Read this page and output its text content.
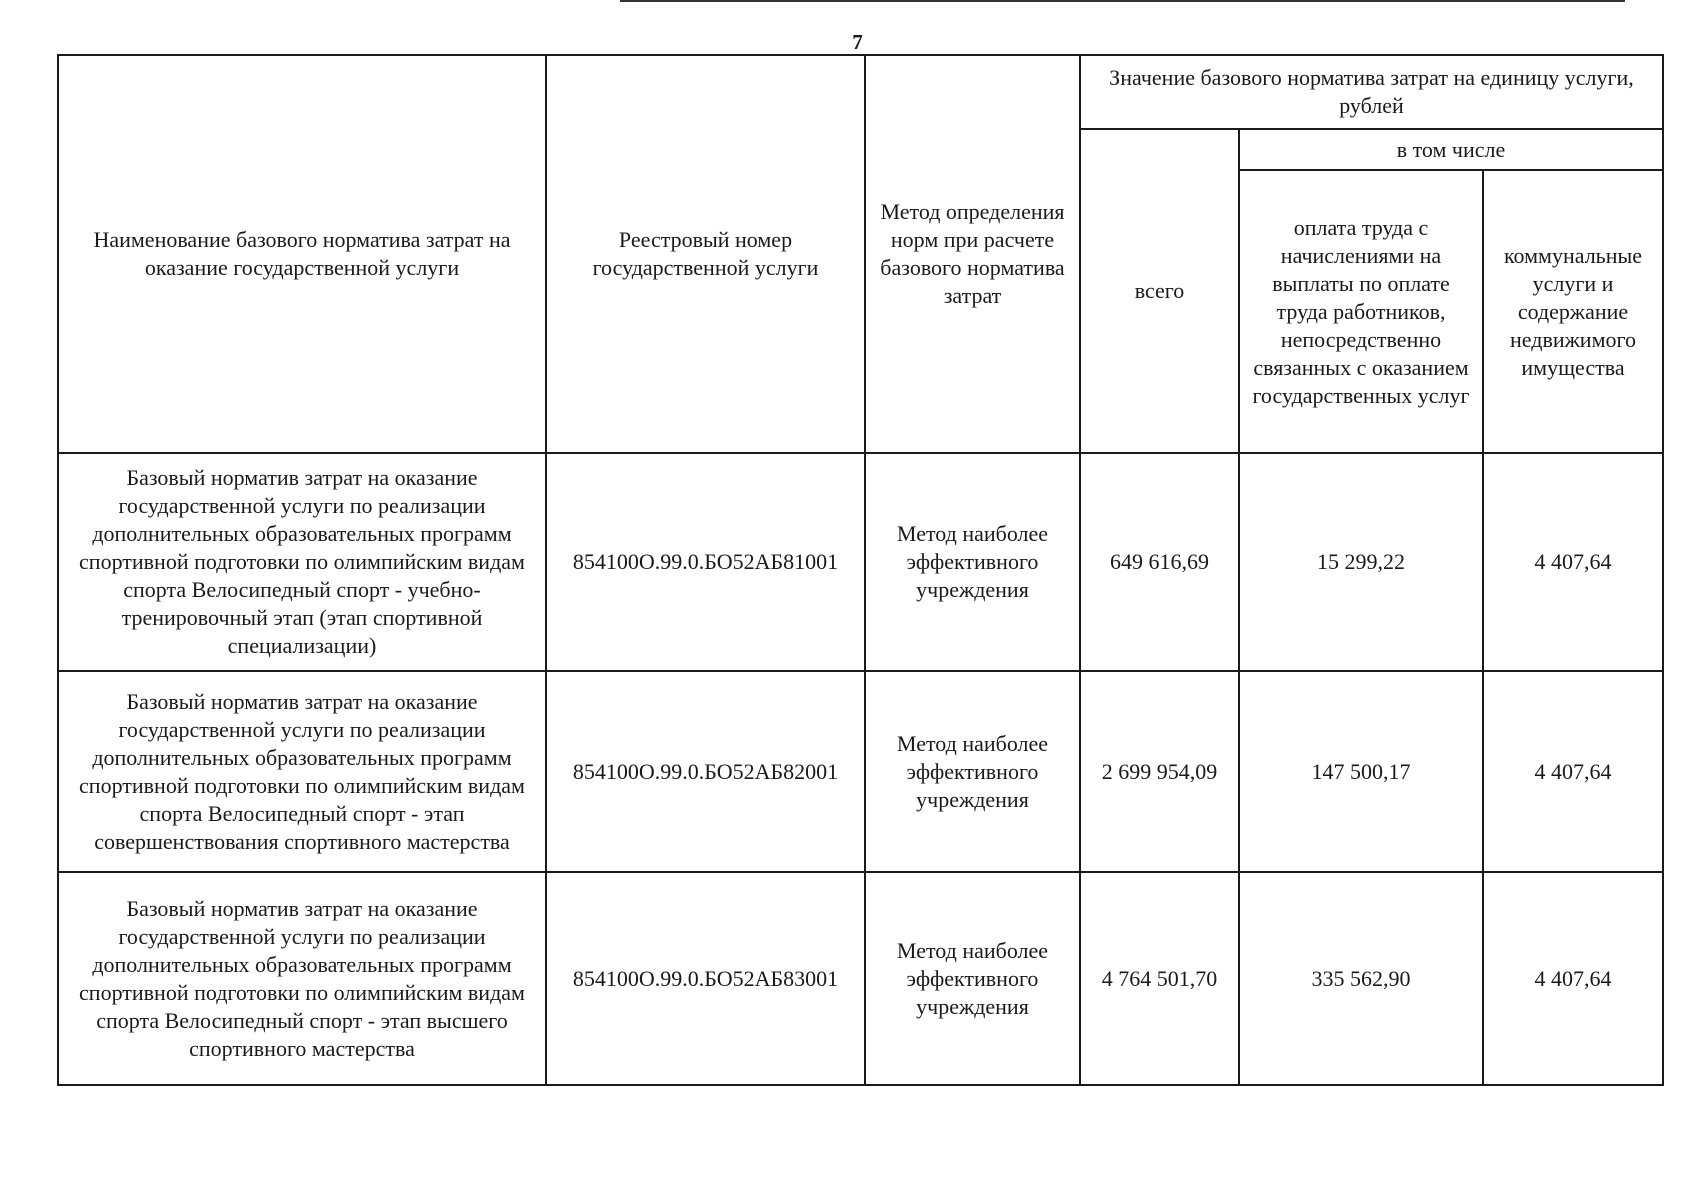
7
Наименование базового норматива затрат на оказание государственной услуги	Реестровый номер государственной услуги	Метод определения норм при расчете базового норматива затрат	Значение базового норматива затрат на единицу услуги, рублей		
			всего	в том числе	
				оплата труда с начислениями на выплаты по оплате труда работников, непосредственно связанных с оказанием государственных услуг	коммунальные услуги и содержание недвижимого имущества
Базовый норматив затрат на оказание государственной услуги по реализации дополнительных образовательных программ спортивной подготовки по олимпийским видам спорта Велосипедный спорт - учебно-тренировочный этап (этап спортивной специализации)	854100О.99.0.БО52АБ81001	Метод наиболее эффективного учреждения	649 616,69	15 299,22	4 407,64
Базовый норматив затрат на оказание государственной услуги по реализации дополнительных образовательных программ спортивной подготовки по олимпийским видам спорта Велосипедный спорт - этап совершенствования спортивного мастерства	854100О.99.0.БО52АБ82001	Метод наиболее эффективного учреждения	2 699 954,09	147 500,17	4 407,64
Базовый норматив затрат на оказание государственной услуги по реализации дополнительных образовательных программ спортивной подготовки по олимпийским видам спорта Велосипедный спорт - этап высшего спортивного мастерства	854100О.99.0.БО52АБ83001	Метод наиболее эффективного учреждения	4 764 501,70	335 562,90	4 407,64
